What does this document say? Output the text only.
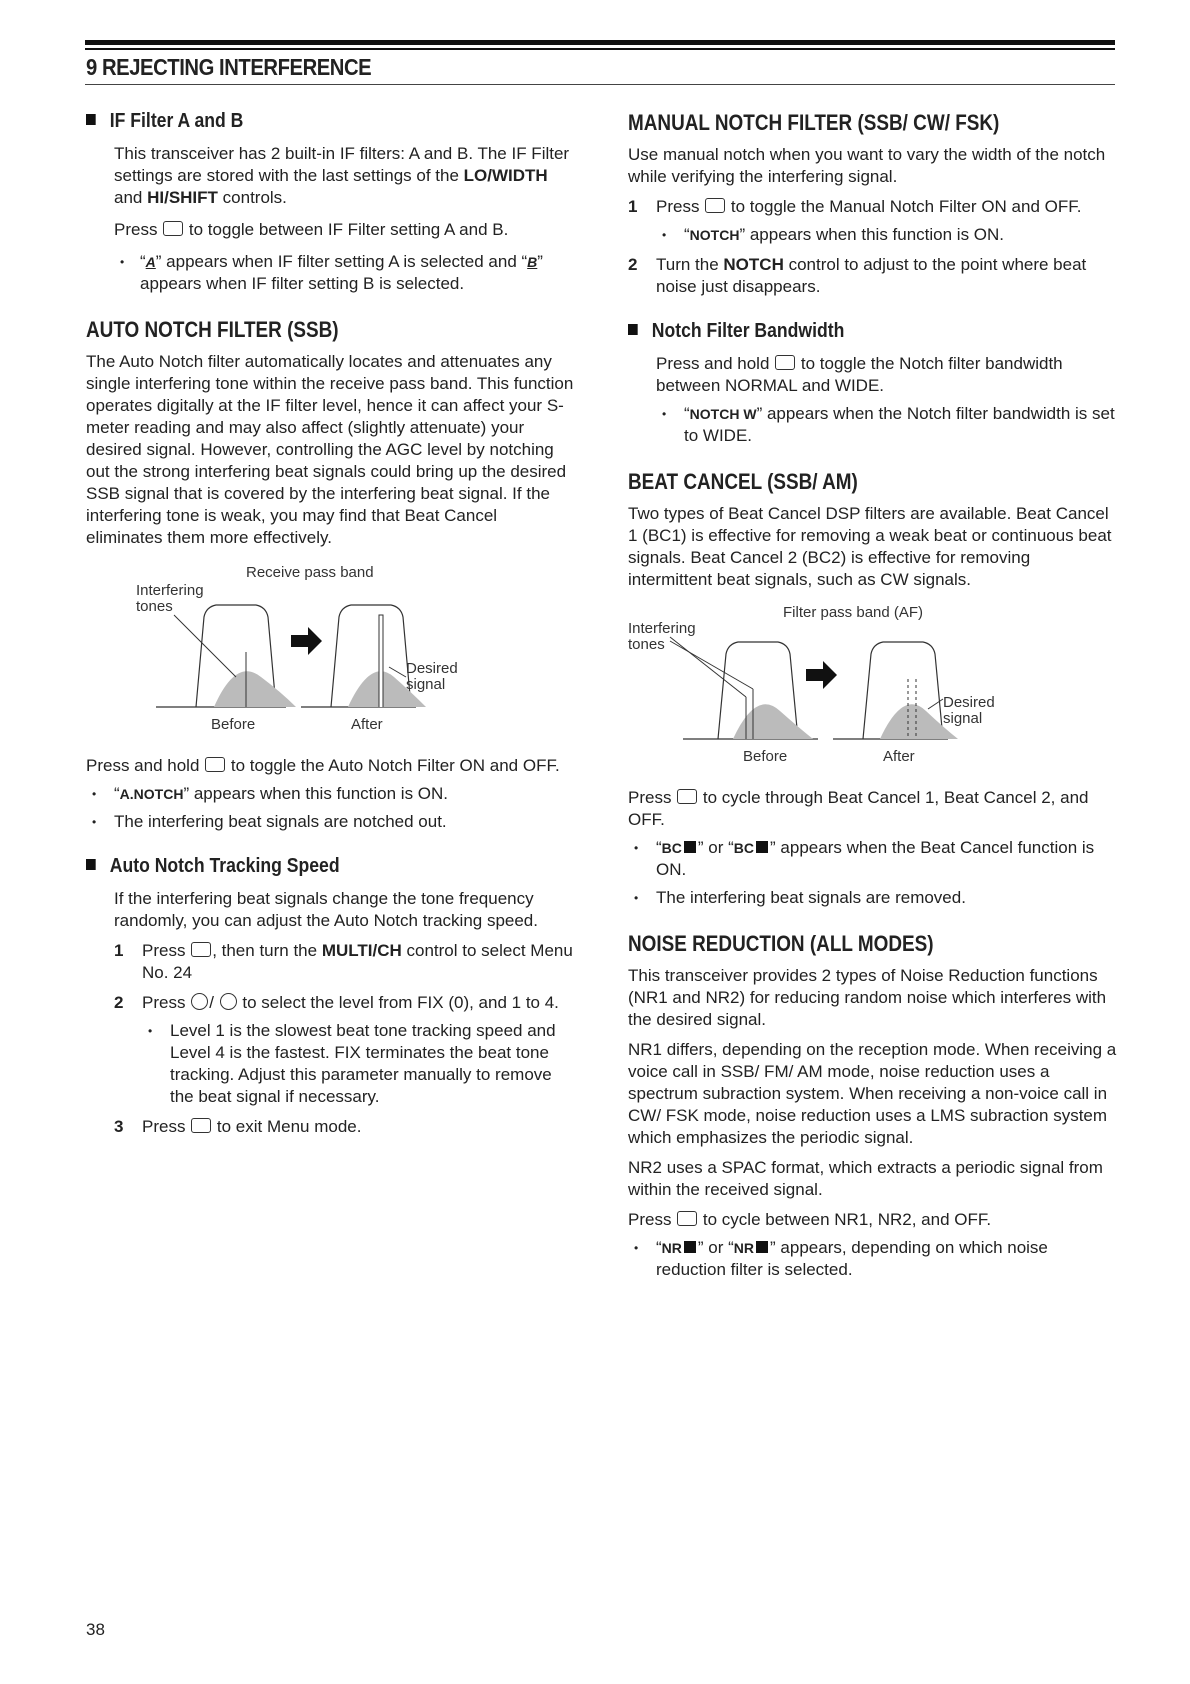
9 REJECTING INTERFERENCE
IF Filter A and B

This transceiver has 2 built-in IF filters: A and B. The IF Filter settings are stored with the last settings of the LO/WIDTH and HI/SHIFT controls.

Press  to toggle between IF Filter setting A and B.

• “A” appears when IF filter setting A is selected and “B” appears when IF filter setting B is selected.
AUTO NOTCH FILTER (SSB)

The Auto Notch filter automatically locates and attenuates any single interfering tone within the receive pass band. This function operates digitally at the IF filter level, hence it can affect your S-meter reading and may also affect (slightly attenuate) your desired signal. However, controlling the AGC level by notching out the strong interfering beat signals could bring up the desired SSB signal that is covered by the interfering beat signal. If the interfering tone is weak, you may find that Beat Cancel eliminates them more effectively.

Receive pass band
Interfering
tones
Desired
signal
Before	After

Press and hold  to toggle the Auto Notch Filter ON and OFF.

• “A.NOTCH” appears when this function is ON.
• The interfering beat signals are notched out.
Auto Notch Tracking Speed

If the interfering beat signals change the tone frequency randomly, you can adjust the Auto Notch tracking speed.

1 Press , then turn the MULTI/CH control to select Menu No. 24
2 Press /  to select the level from FIX (0), and 1 to 4.
• Level 1 is the slowest beat tone tracking speed and Level 4 is the fastest. FIX terminates the beat tone tracking. Adjust this parameter manually to remove the beat signal if necessary.
3 Press  to exit Menu mode.
MANUAL NOTCH FILTER (SSB/ CW/ FSK)

Use manual notch when you want to vary the width of the notch while verifying the interfering signal.

1 Press  to toggle the Manual Notch Filter ON and OFF.
• “NOTCH” appears when this function is ON.
2 Turn the NOTCH control to adjust to the point where beat noise just disappears.
Notch Filter Bandwidth

Press and hold  to toggle the Notch filter bandwidth between NORMAL and WIDE.

• “NOTCH W” appears when the Notch filter bandwidth is set to WIDE.
BEAT CANCEL (SSB/ AM)

Two types of Beat Cancel DSP filters are available. Beat Cancel 1 (BC1) is effective for removing a weak beat or continuous beat signals. Beat Cancel 2 (BC2) is effective for removing intermittent beat signals, such as CW signals.

Filter pass band (AF)
Interfering
tones
Desired
signal
Before	After

Press  to cycle through Beat Cancel 1, Beat Cancel 2, and OFF.

• “BC ” or “BC ” appears when the Beat Cancel function is ON.
• The interfering beat signals are removed.
NOISE REDUCTION (ALL MODES)

This transceiver provides 2 types of Noise Reduction functions (NR1 and NR2) for reducing random noise which interferes with the desired signal.

NR1 differs, depending on the reception mode. When receiving a voice call in SSB/ FM/ AM mode, noise reduction uses a spectrum subraction system. When receiving a non-voice call in CW/ FSK mode, noise reduction uses a LMS subraction system which emphasizes the periodic signal.

NR2 uses a SPAC format, which extracts a periodic signal from within the received signal.

Press  to cycle between NR1, NR2, and OFF.

• “NR ” or “NR ” appears, depending on which noise reduction filter is selected.
38
